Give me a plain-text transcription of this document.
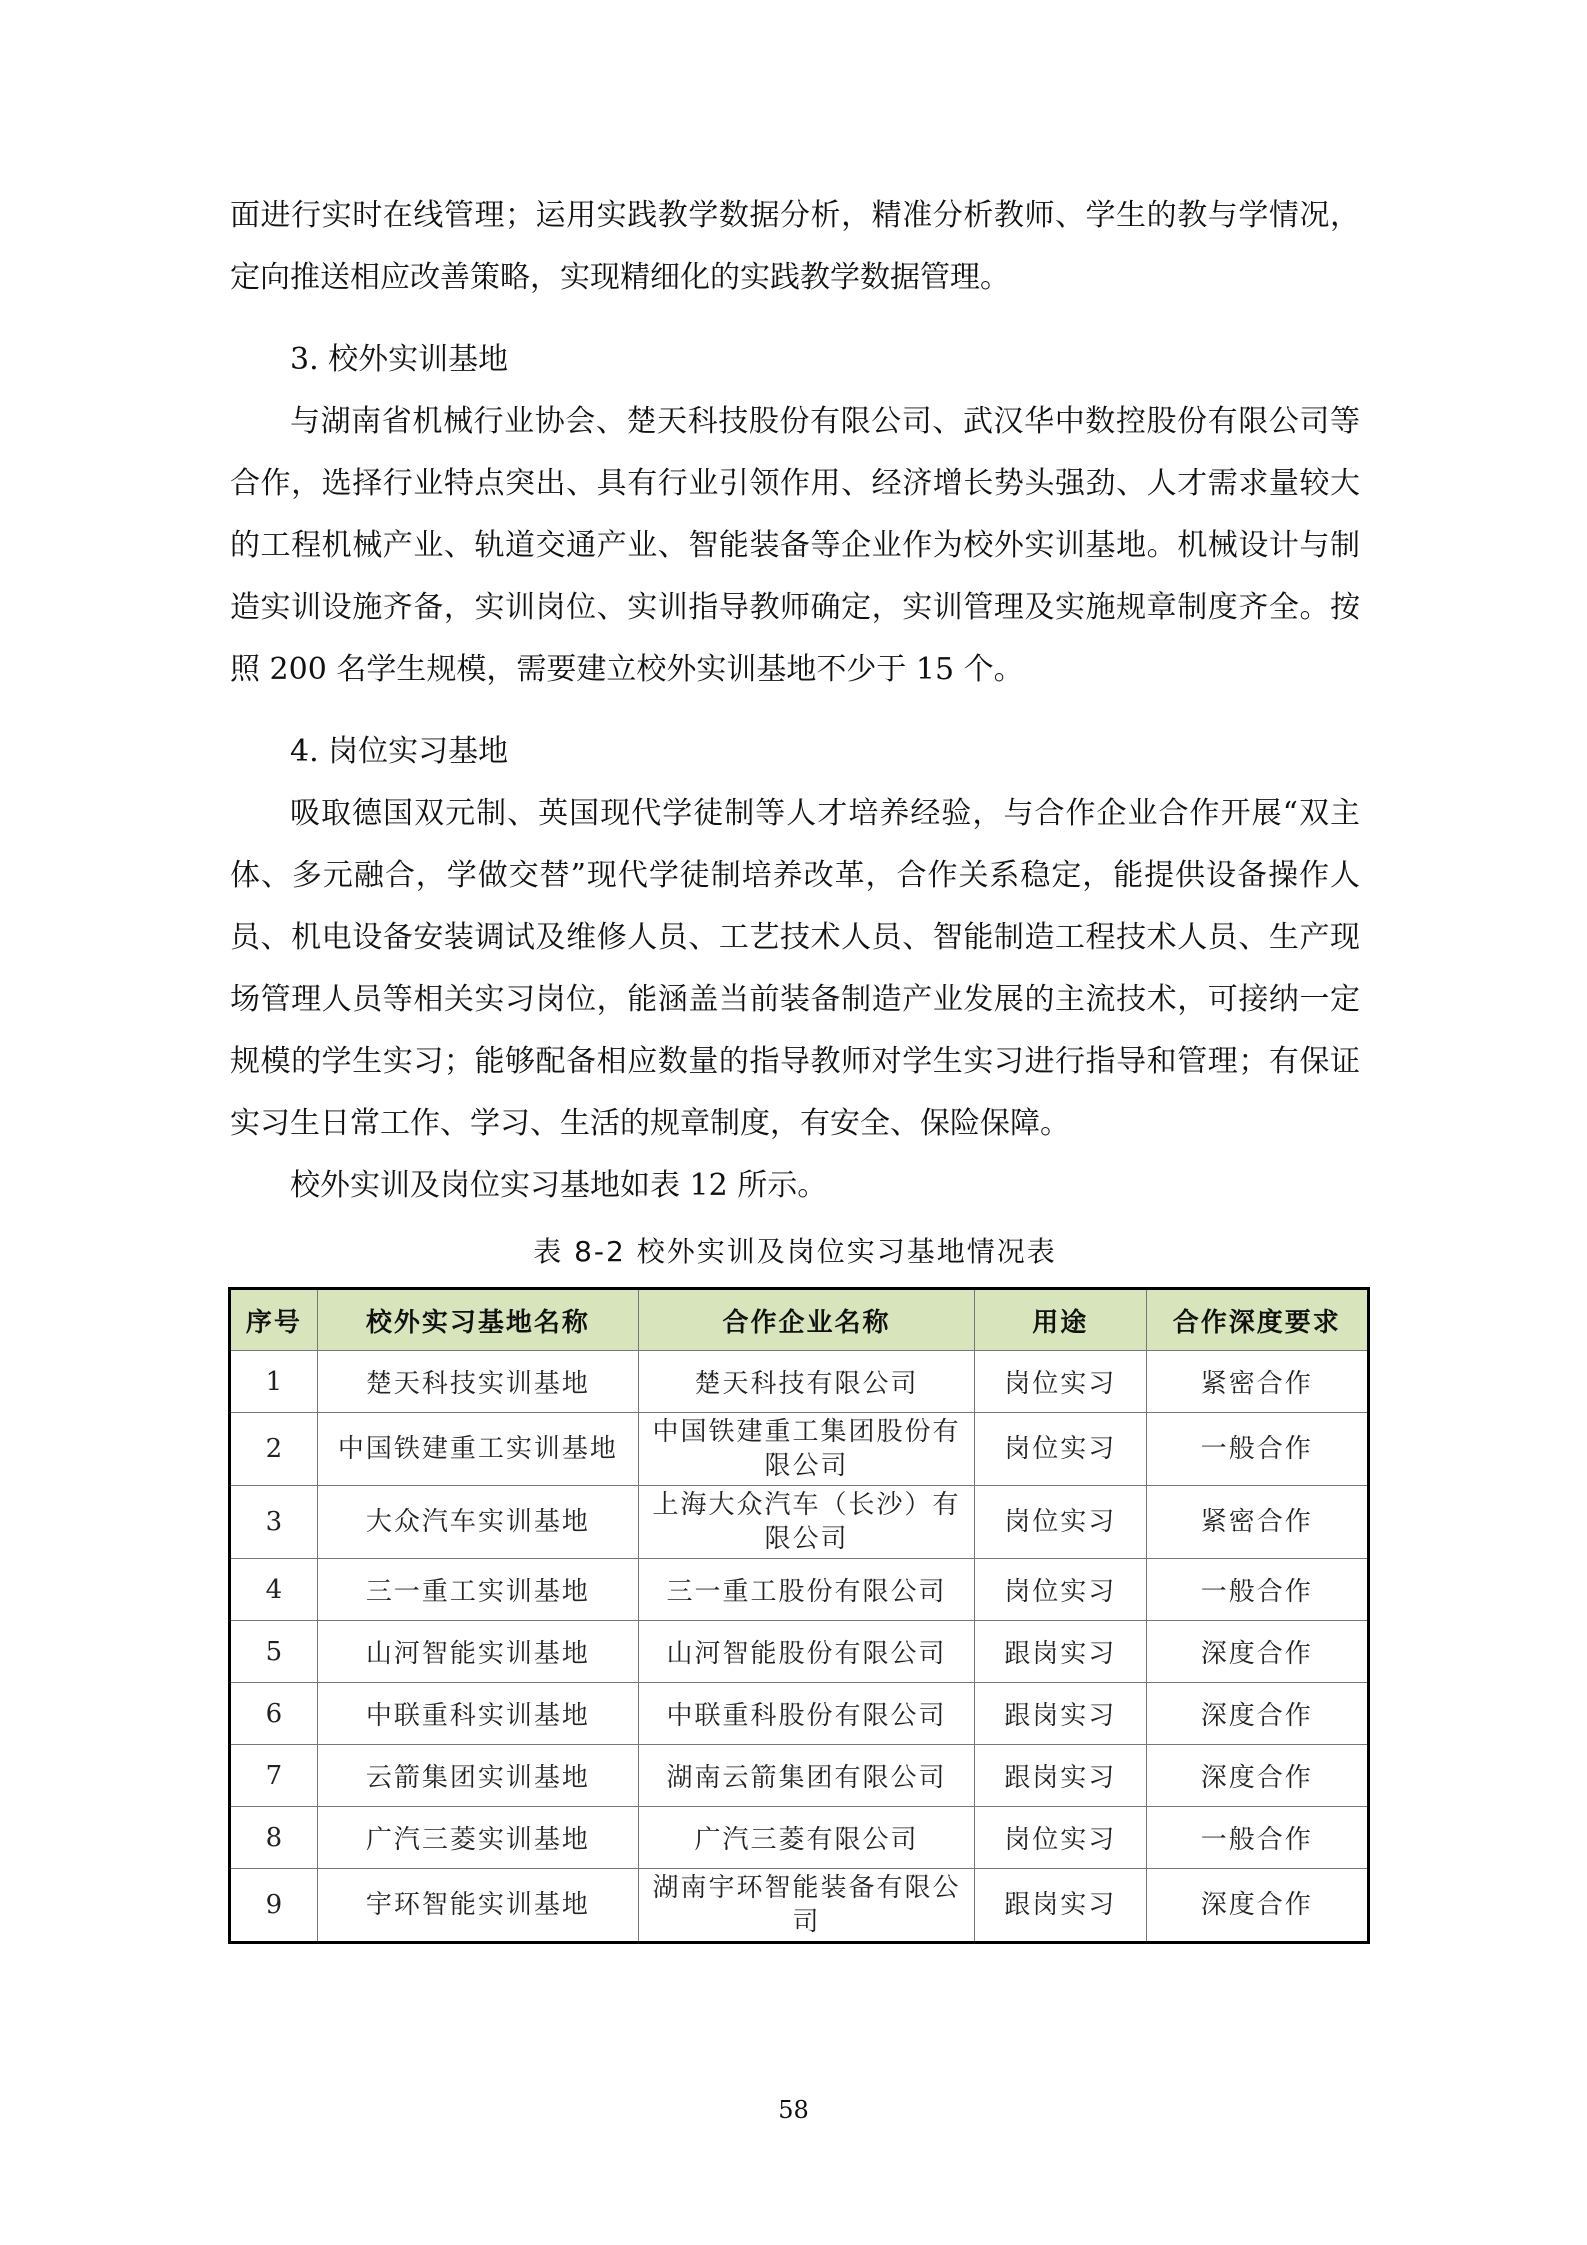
面进行实时在线管理；运用实践教学数据分析，精准分析教师、学生的教与学情况，定向推送相应改善策略，实现精细化的实践教学数据管理。

3. 校外实训基地

与湖南省机械行业协会、楚天科技股份有限公司、武汉华中数控股份有限公司等合作，选择行业特点突出、具有行业引领作用、经济增长势头强劲、人才需求量较大的工程机械产业、轨道交通产业、智能装备等企业作为校外实训基地。机械设计与制造实训设施齐备，实训岗位、实训指导教师确定，实训管理及实施规章制度齐全。按照 200 名学生规模，需要建立校外实训基地不少于 15 个。

4. 岗位实习基地

吸取德国双元制、英国现代学徒制等人才培养经验，与合作企业合作开展“双主体、多元融合，学做交替”现代学徒制培养改革，合作关系稳定，能提供设备操作人员、机电设备安装调试及维修人员、工艺技术人员、智能制造工程技术人员、生产现场管理人员等相关实习岗位，能涵盖当前装备制造产业发展的主流技术，可接纳一定规模的学生实习；能够配备相应数量的指导教师对学生实习进行指导和管理；有保证实习生日常工作、学习、生活的规章制度，有安全、保险保障。

校外实训及岗位实习基地如表 12 所示。

表 8-2 校外实训及岗位实习基地情况表
序号	校外实习基地名称	合作企业名称	用途	合作深度要求
1	楚天科技实训基地	楚天科技有限公司	岗位实习	紧密合作
2	中国铁建重工实训基地	中国铁建重工集团股份有限公司	岗位实习	一般合作
3	大众汽车实训基地	上海大众汽车（长沙）有限公司	岗位实习	紧密合作
4	三一重工实训基地	三一重工股份有限公司	岗位实习	一般合作
5	山河智能实训基地	山河智能股份有限公司	跟岗实习	深度合作
6	中联重科实训基地	中联重科股份有限公司	跟岗实习	深度合作
7	云箭集团实训基地	湖南云箭集团有限公司	跟岗实习	深度合作
8	广汽三菱实训基地	广汽三菱有限公司	岗位实习	一般合作
9	宇环智能实训基地	湖南宇环智能装备有限公司	跟岗实习	深度合作
58
